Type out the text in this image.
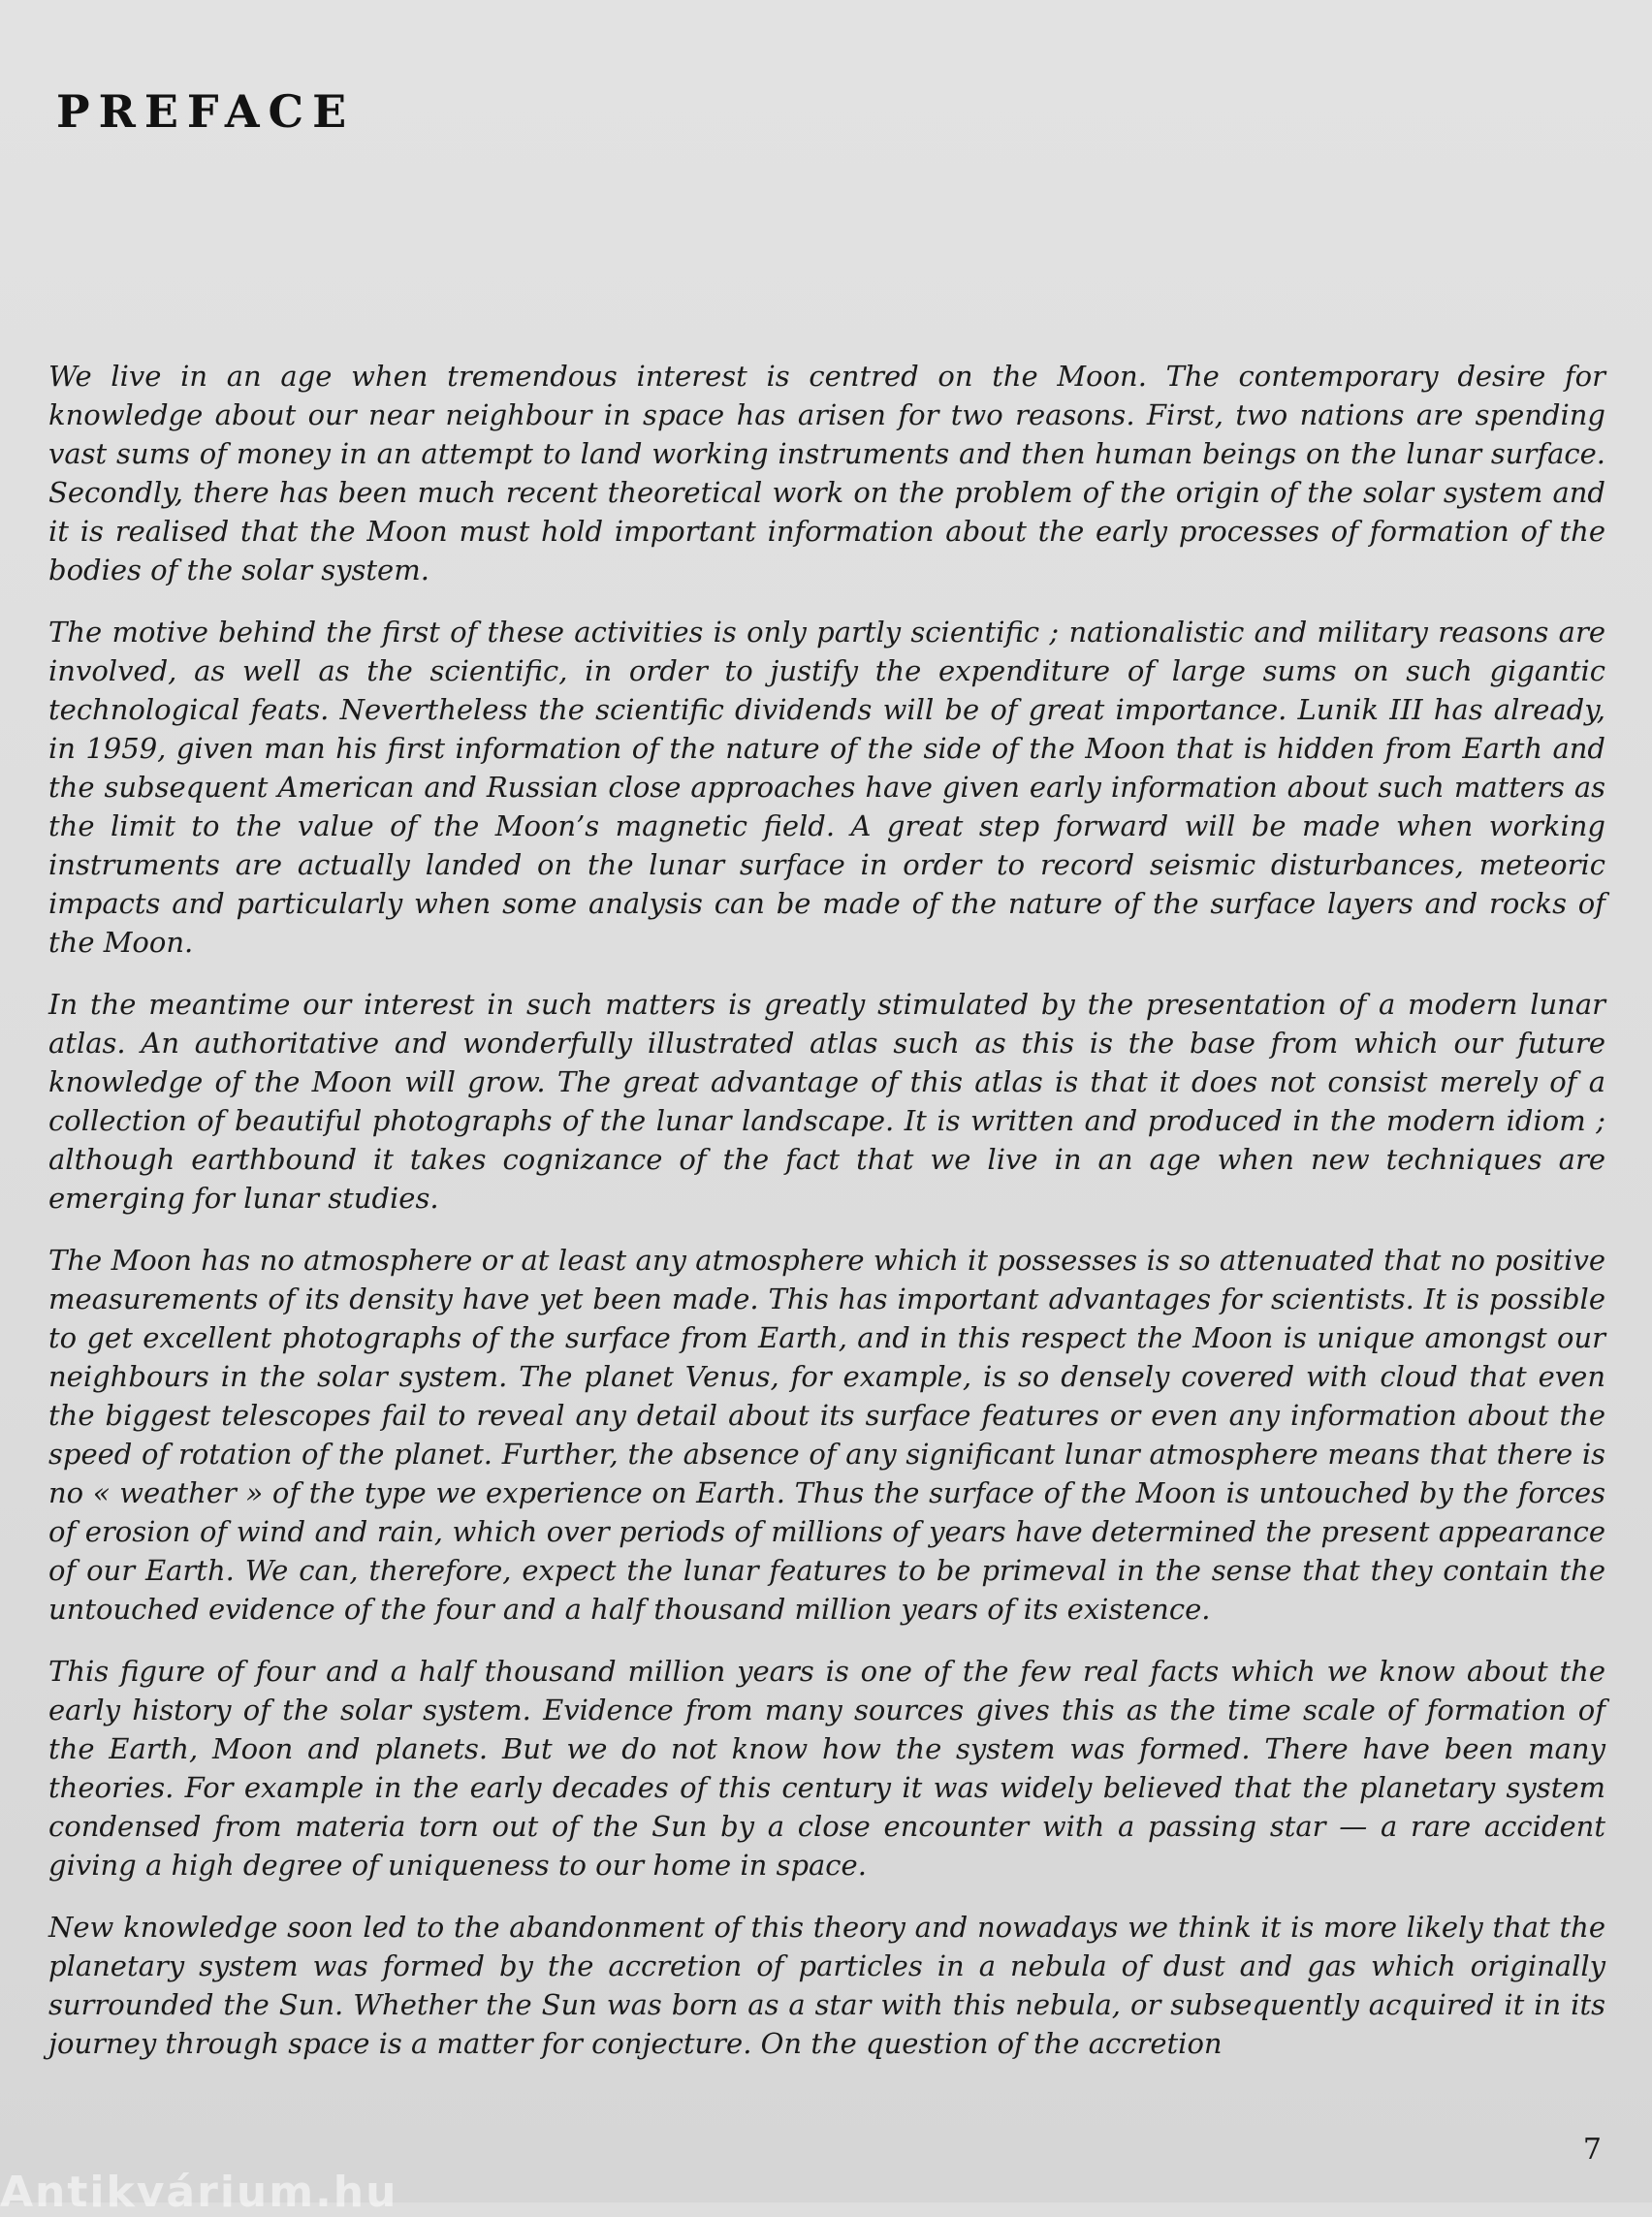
PREFACE

We live in an age when tremendous interest is centred on the Moon. The contemporary desire for knowledge about our near neighbour in space has arisen for two reasons. First, two nations are spending vast sums of money in an attempt to land working instruments and then human beings on the lunar surface. Secondly, there has been much recent theoretical work on the problem of the origin of the solar system and it is realised that the Moon must hold important information about the early processes of formation of the bodies of the solar system.

The motive behind the first of these activities is only partly scientific ; nationalistic and military reasons are involved, as well as the scientific, in order to justify the expenditure of large sums on such gigantic technological feats. Nevertheless the scientific dividends will be of great importance. Lunik III has already, in 1959, given man his first information of the nature of the side of the Moon that is hidden from Earth and the subsequent American and Russian close approaches have given early information about such matters as the limit to the value of the Moon’s magnetic field. A great step forward will be made when working instruments are actually landed on the lunar surface in order to record seismic disturbances, meteoric impacts and particularly when some analysis can be made of the nature of the surface layers and rocks of the Moon.

In the meantime our interest in such matters is greatly stimulated by the presentation of a modern lunar atlas. An authoritative and wonderfully illustrated atlas such as this is the base from which our future knowledge of the Moon will grow. The great advantage of this atlas is that it does not consist merely of a collection of beautiful photographs of the lunar landscape. It is written and produced in the modern idiom ; although earthbound it takes cognizance of the fact that we live in an age when new techniques are emerging for lunar studies.

The Moon has no atmosphere or at least any atmosphere which it possesses is so attenuated that no positive measurements of its density have yet been made. This has important advantages for scientists. It is possible to get excellent photographs of the surface from Earth, and in this respect the Moon is unique amongst our neighbours in the solar system. The planet Venus, for example, is so densely covered with cloud that even the biggest telescopes fail to reveal any detail about its surface features or even any information about the speed of rotation of the planet. Further, the absence of any significant lunar atmosphere means that there is no « weather » of the type we experience on Earth. Thus the surface of the Moon is untouched by the forces of erosion of wind and rain, which over periods of millions of years have determined the present appearance of our Earth. We can, therefore, expect the lunar features to be primeval in the sense that they contain the untouched evidence of the four and a half thousand million years of its existence.

This figure of four and a half thousand million years is one of the few real facts which we know about the early history of the solar system. Evidence from many sources gives this as the time scale of formation of the Earth, Moon and planets. But we do not know how the system was formed. There have been many theories. For example in the early decades of this century it was widely believed that the planetary system condensed from materia torn out of the Sun by a close encounter with a passing star — a rare accident giving a high degree of uniqueness to our home in space.

New knowledge soon led to the abandonment of this theory and nowadays we think it is more likely that the planetary system was formed by the accretion of particles in a nebula of dust and gas which originally surrounded the Sun. Whether the Sun was born as a star with this nebula, or subsequently acquired it in its journey through space is a matter for conjecture. On the question of the accretion

7
Antikvárium.hu
